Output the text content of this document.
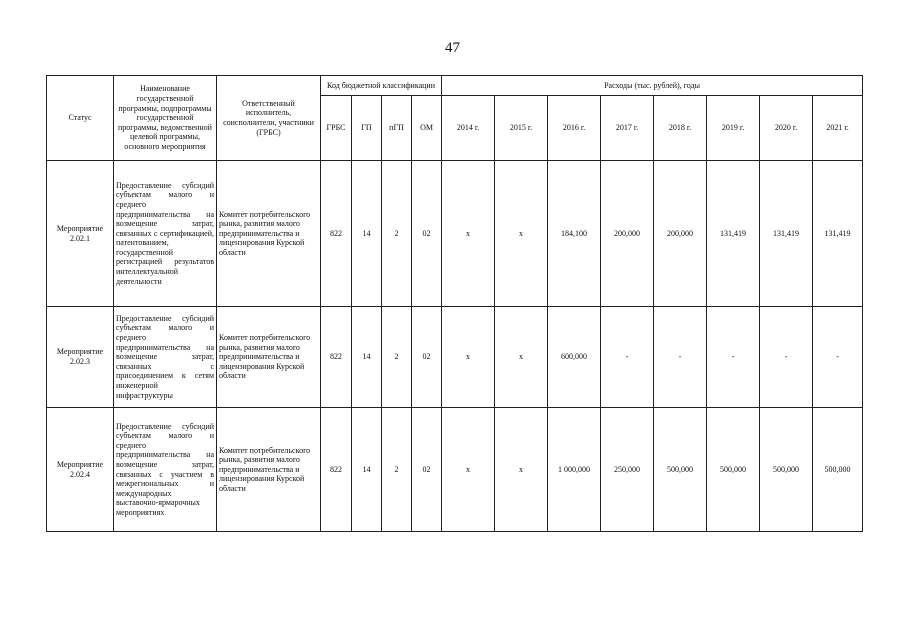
47
Статус	Наименование государственной программы, подпрограммы государственной программы, ведомственной целевой программы, основного мероприятия	Ответственный исполнитель, соисполнители, участники (ГРБС)	Код бюджетной классификации				Расходы (тыс. рублей), годы							
			ГРБС	ГП	пГП	ОМ	2014 г.	2015 г.	2016 г.	2017 г.	2018 г.	2019 г.	2020 г.	2021 г.
Мероприятие 2.02.1	Предоставление субсидий субъектам малого и среднего предпринимательства на возмещение затрат, связанных с сертификацией, патентованием, государственной регистрацией результатов интеллектуальной деятельности	Комитет потребительского рынка, развития малого предпринимательства и лицензирования Курской области	822	14	2	02	х	х	184,100	200,000	200,000	131,419	131,419	131,419
Мероприятие 2.02.3	Предоставление субсидий субъектам малого и среднего предпринимательства на возмещение затрат, связанных с присоединением к сетям инженерной инфраструктуры	Комитет потребительского рынка, развития малого предпринимательства и лицензирования Курской области	822	14	2	02	х	х	600,000	-	-	-	-	-
Мероприятие 2.02.4	Предоставление субсидий субъектам малого и среднего предпринимательства на возмещение затрат, связанных с участием в межрегиональных и международных выставочно-ярмарочных мероприятиях	Комитет потребительского рынка, развития малого предпринимательства и лицензирования Курской области	822	14	2	02	х	х	1 000,000	250,000	500,000	500,000	500,000	500,000
